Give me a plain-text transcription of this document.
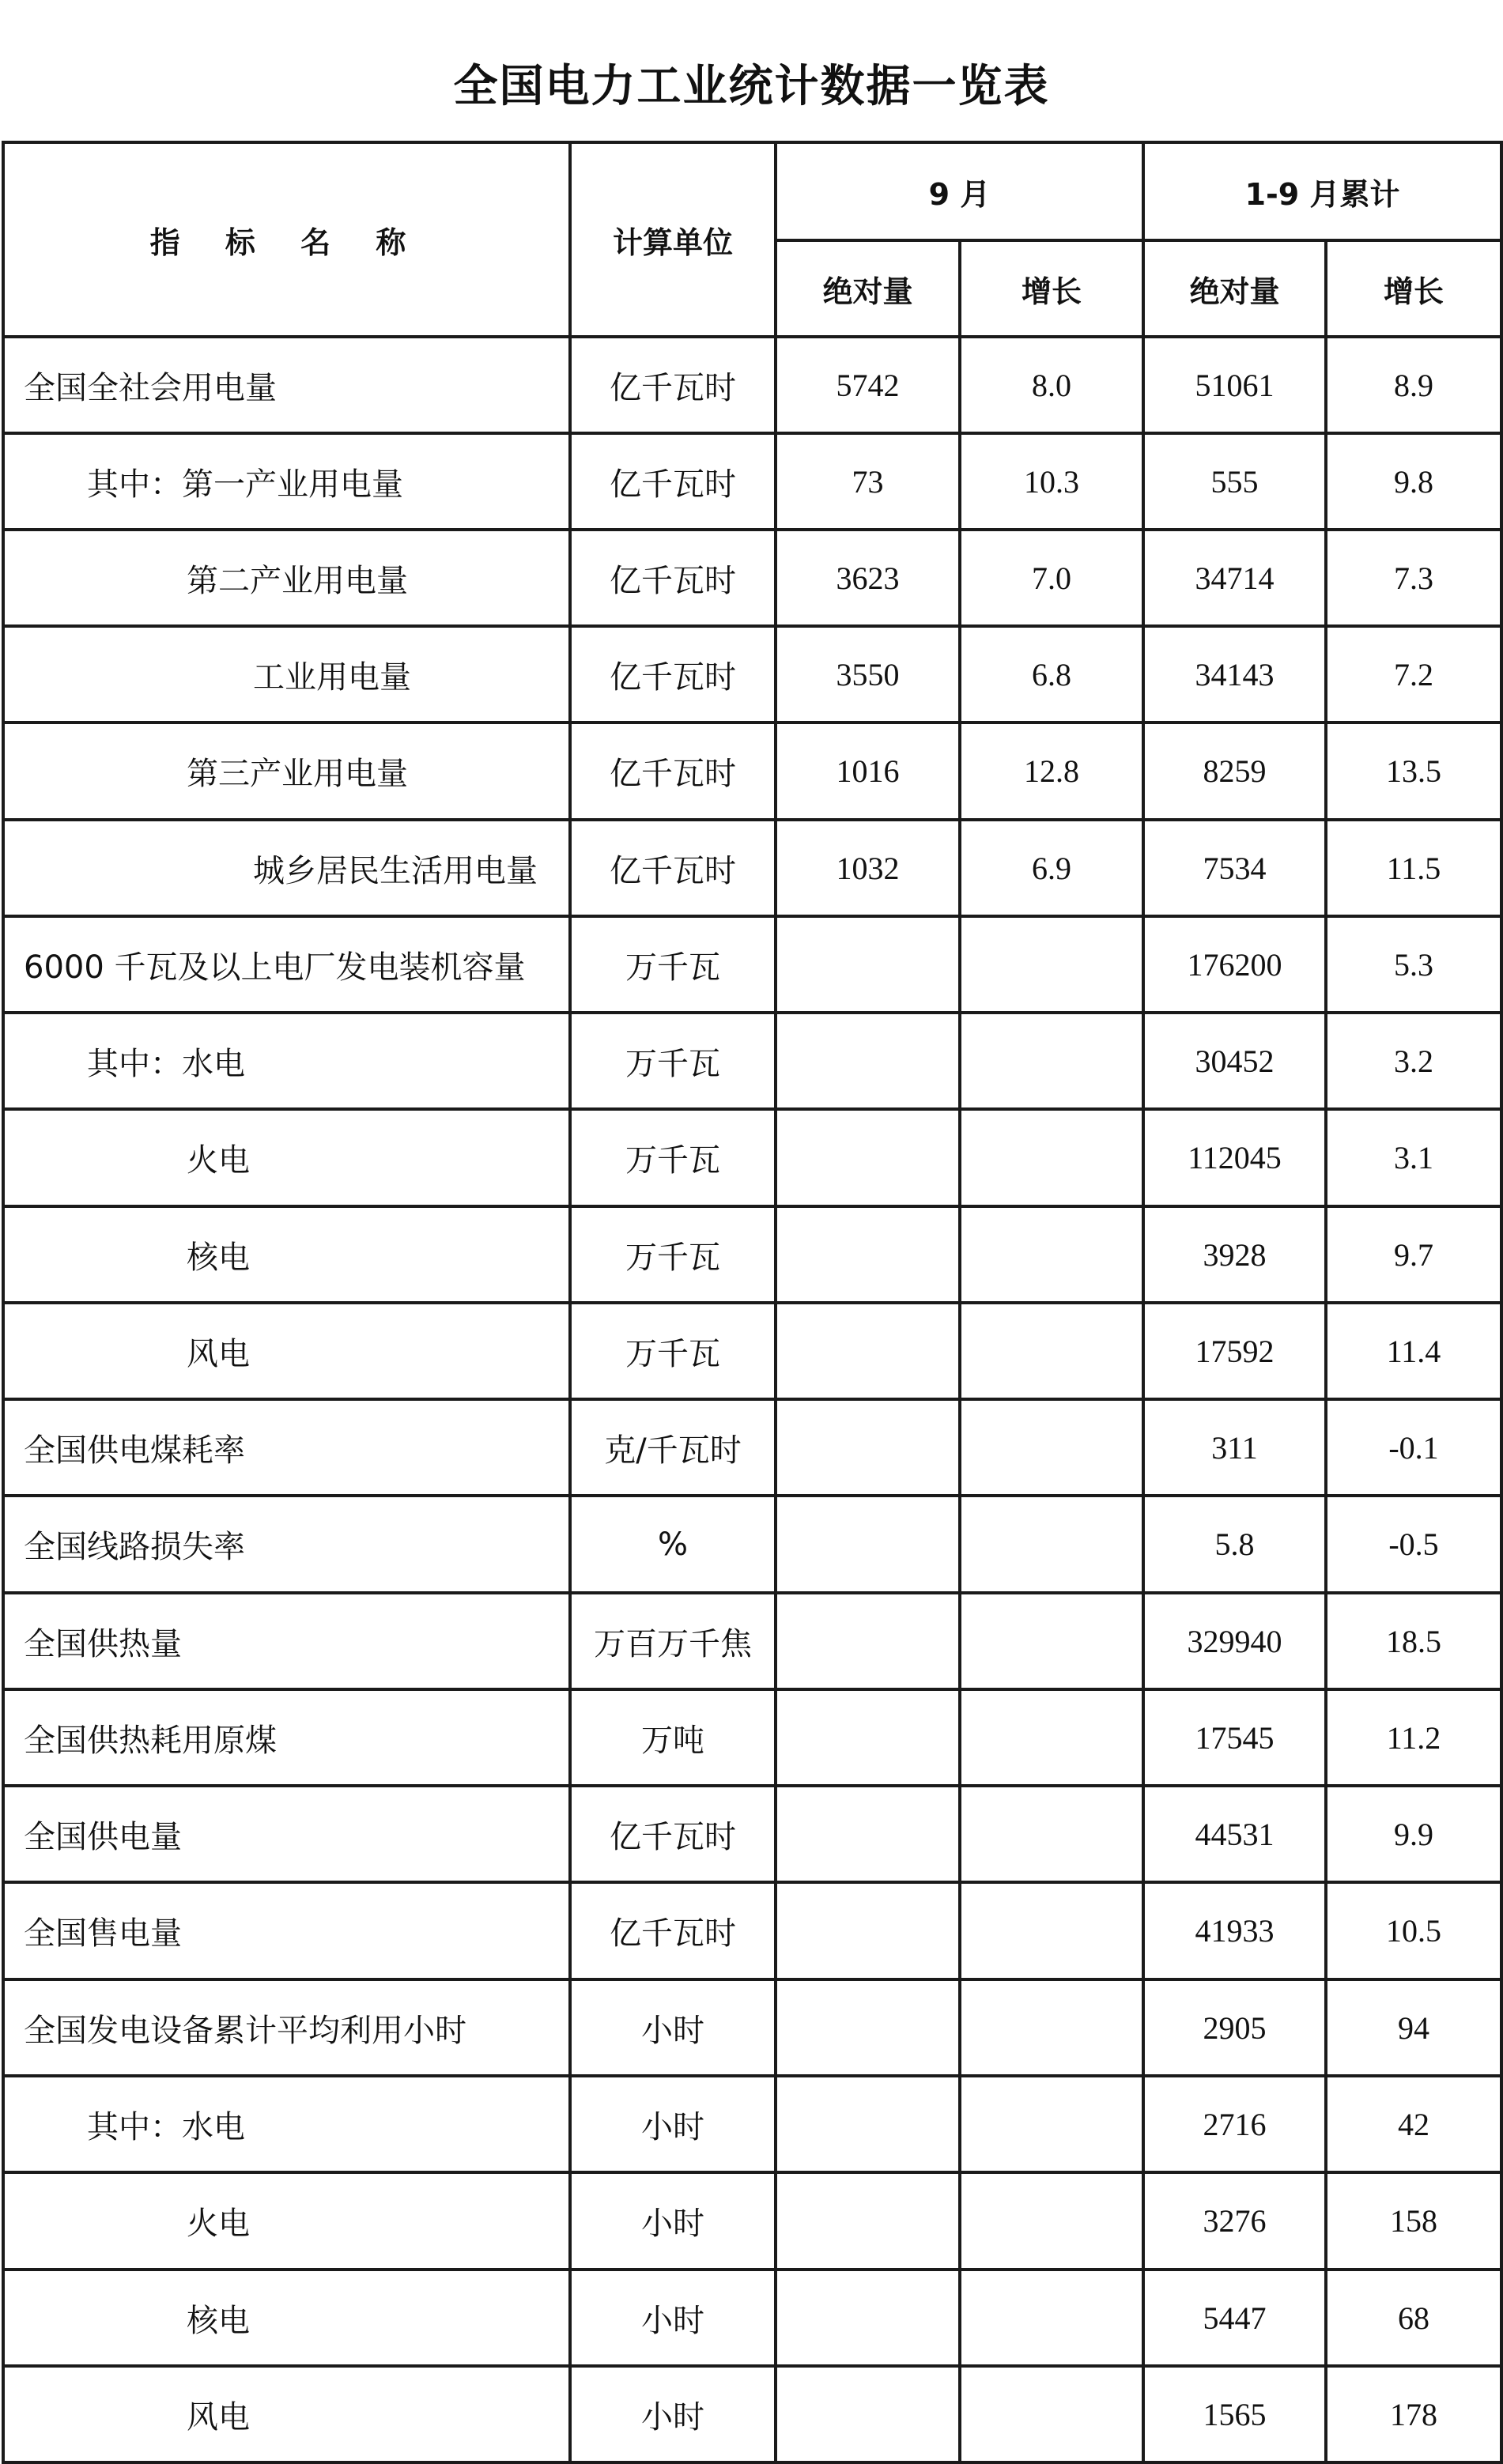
全国电力工业统计数据一览表
指 标 名 称	计算单位	9 月		1-9 月累计	
		绝对量	增长	绝对量	增长
全国全社会用电量	亿千瓦时	5742	8.0	51061	8.9
其中：第一产业用电量	亿千瓦时	73	10.3	555	9.8
第二产业用电量	亿千瓦时	3623	7.0	34714	7.3
工业用电量	亿千瓦时	3550	6.8	34143	7.2
第三产业用电量	亿千瓦时	1016	12.8	8259	13.5
城乡居民生活用电量	亿千瓦时	1032	6.9	7534	11.5
6000 千瓦及以上电厂发电装机容量	万千瓦			176200	5.3
其中：水电	万千瓦			30452	3.2
火电	万千瓦			112045	3.1
核电	万千瓦			3928	9.7
风电	万千瓦			17592	11.4
全国供电煤耗率	克/千瓦时			311	-0.1
全国线路损失率	%			5.8	-0.5
全国供热量	万百万千焦			329940	18.5
全国供热耗用原煤	万吨			17545	11.2
全国供电量	亿千瓦时			44531	9.9
全国售电量	亿千瓦时			41933	10.5
全国发电设备累计平均利用小时	小时			2905	94
其中：水电	小时			2716	42
火电	小时			3276	158
核电	小时			5447	68
风电	小时			1565	178
